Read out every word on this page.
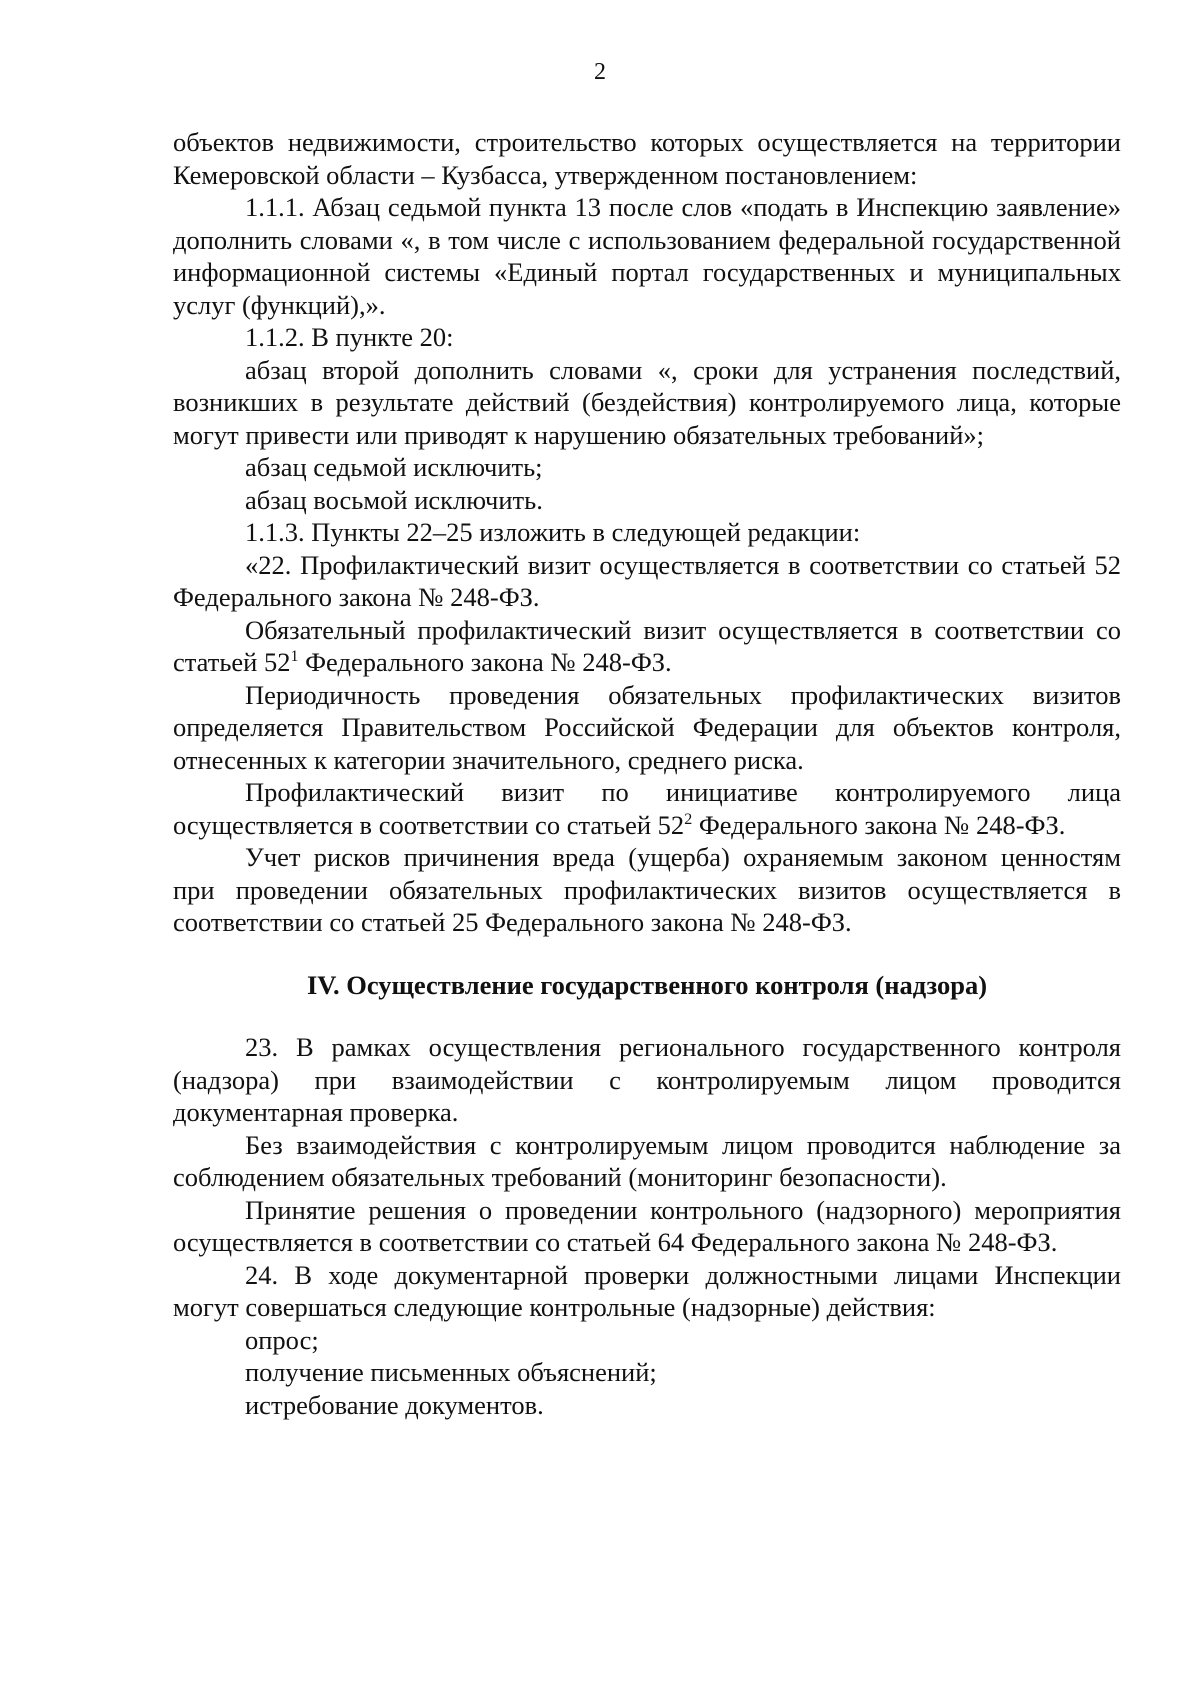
2

объектов недвижимости, строительство которых осуществляется на территории Кемеровской области – Кузбасса, утвержденном постановлением:

1.1.1. Абзац седьмой пункта 13 после слов «подать в Инспекцию заявление» дополнить словами «, в том числе с использованием федеральной государственной информационной системы «Единый портал государственных и муниципальных услуг (функций),».

1.1.2. В пункте 20:

абзац второй дополнить словами «, сроки для устранения последствий, возникших в результате действий (бездействия) контролируемого лица, которые могут привести или приводят к нарушению обязательных требований»;

абзац седьмой исключить;

абзац восьмой исключить.

1.1.3. Пункты 22–25 изложить в следующей редакции:

«22. Профилактический визит осуществляется в соответствии со статьей 52 Федерального закона № 248-ФЗ.

Обязательный профилактический визит осуществляется в соответствии со статьей $52^1$ Федерального закона № 248-ФЗ.

Периодичность проведения обязательных профилактических визитов определяется Правительством Российской Федерации для объектов контроля, отнесенных к категории значительного, среднего риска.

Профилактический визит по инициативе контролируемого лица осуществляется в соответствии со статьей $52^2$ Федерального закона № 248-ФЗ.

Учет рисков причинения вреда (ущерба) охраняемым законом ценностям при проведении обязательных профилактических визитов осуществляется в соответствии со статьей 25 Федерального закона № 248-ФЗ.

IV. Осуществление государственного контроля (надзора)

23. В рамках осуществления регионального государственного контроля (надзора) при взаимодействии с контролируемым лицом проводится документарная проверка.

Без взаимодействия с контролируемым лицом проводится наблюдение за соблюдением обязательных требований (мониторинг безопасности).

Принятие решения о проведении контрольного (надзорного) мероприятия осуществляется в соответствии со статьей 64 Федерального закона № 248-ФЗ.

24. В ходе документарной проверки должностными лицами Инспекции могут совершаться следующие контрольные (надзорные) действия:

опрос;

получение письменных объяснений;

истребование документов.
